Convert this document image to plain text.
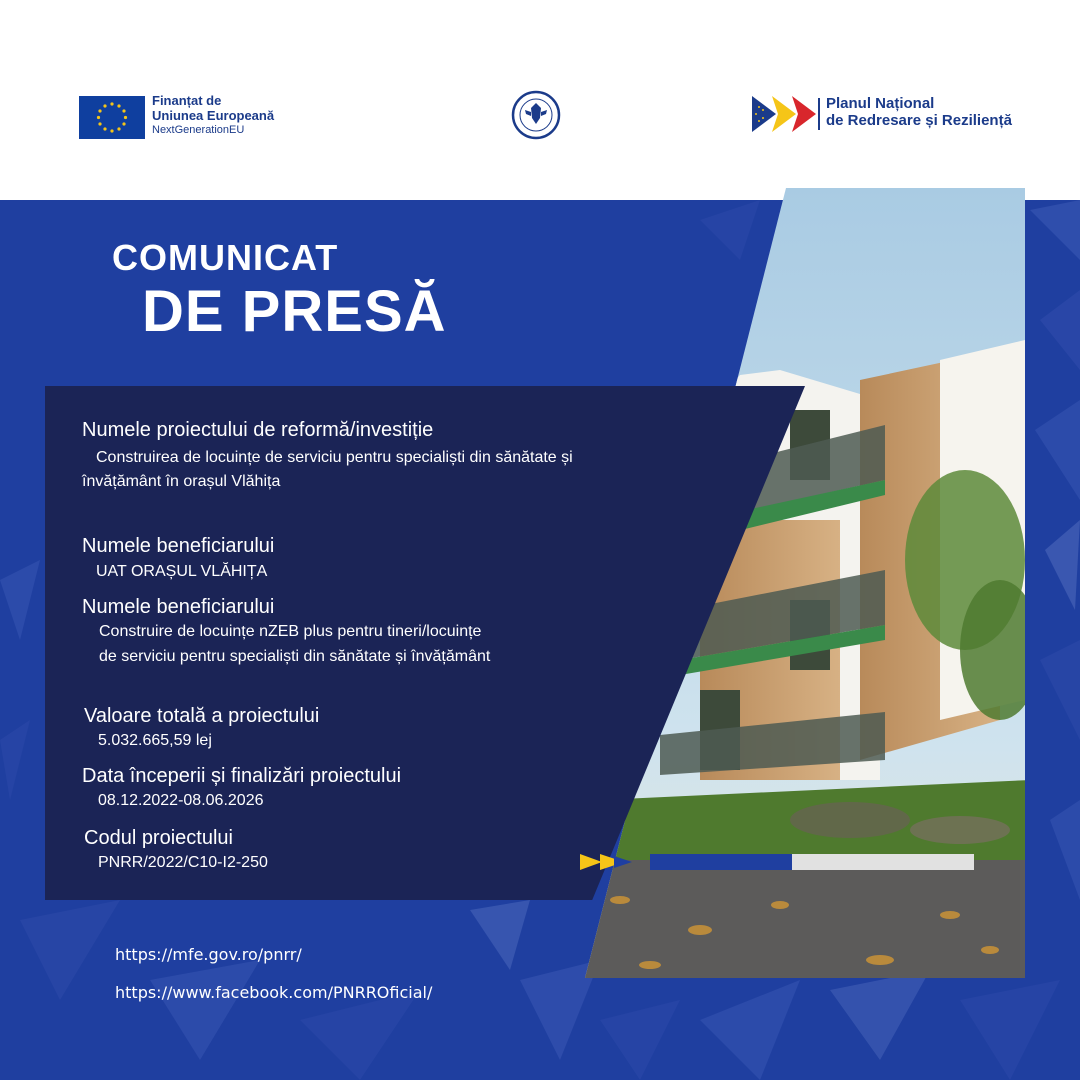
Finanțat de
Uniunea Europeană
NextGenerationEU
Planul Național
de Redresare și Reziliență
COMUNICAT
DE PRESĂ
Numele proiectului de reformă/investiție
Construirea de locuințe de serviciu pentru specialiști din sănătate și
învățământ în orașul Vlăhița
Numele beneficiarului
UAT ORAȘUL VLĂHIȚA
Numele beneficiarului
Construire de locuințe nZEB plus pentru tineri/locuințe
de serviciu pentru specialiști din sănătate și învățământ
Valoare totală a proiectului
5.032.665,59 lej
Data începerii și finalizări proiectului
08.12.2022-08.06.2026
Codul proiectului
PNRR/2022/C10-I2-250
https://mfe.gov.ro/pnrr/
https://www.facebook.com/PNRROficial/
